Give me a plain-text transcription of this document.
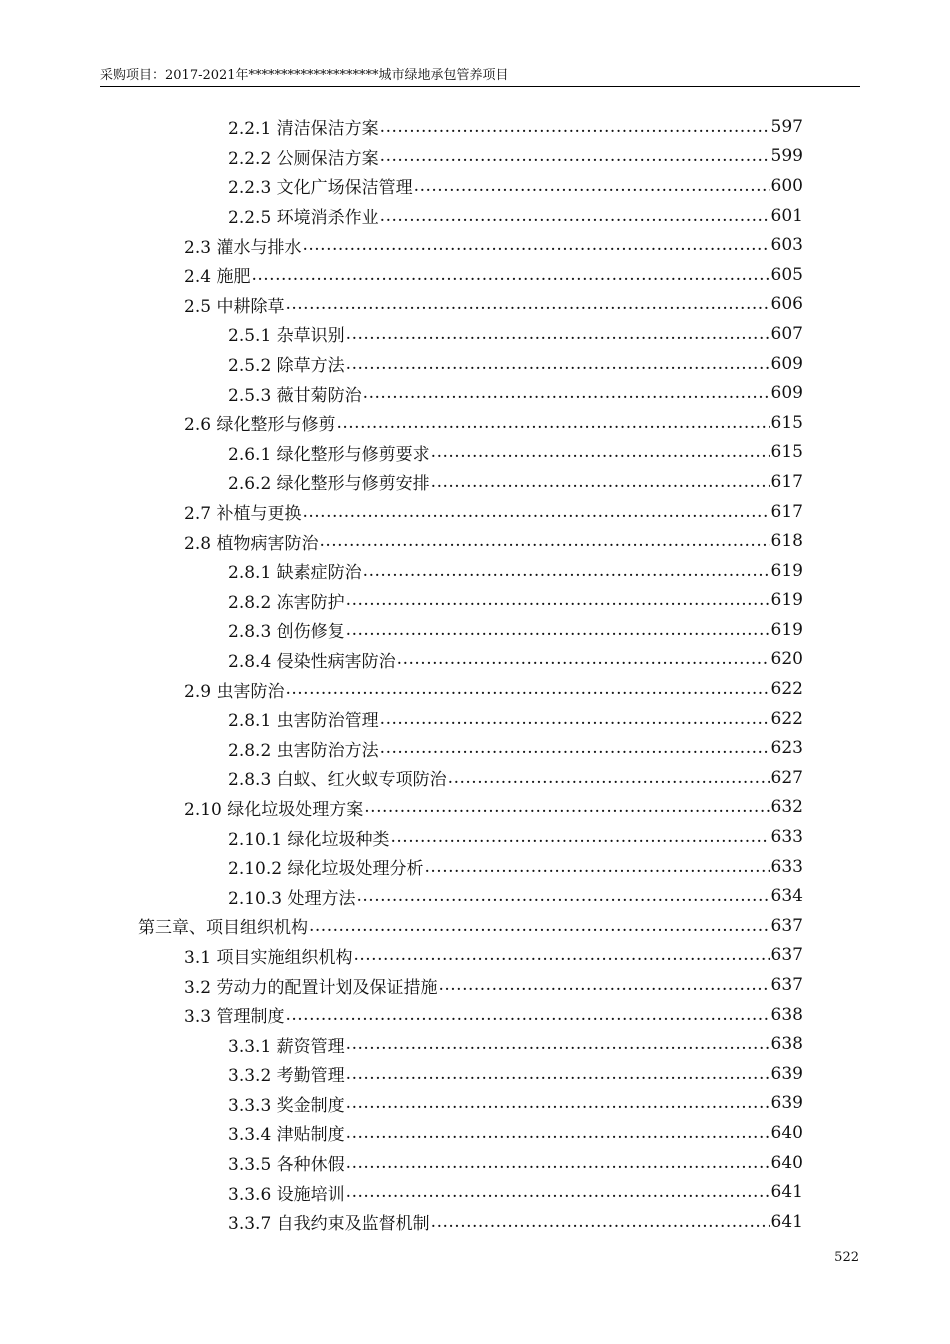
采购项目：2017-2021年********************城市绿地承包管养项目
2.2.1 清洁保洁方案 .....	597
2.2.2 公厕保洁方案 .....	599
2.2.3 文化广场保洁管理 .....	600
2.2.5 环境消杀作业 .....	601
2.3 灌水与排水 .....	603
2.4 施肥 .....	605
2.5 中耕除草 .....	606
2.5.1 杂草识别 .....	607
2.5.2 除草方法 .....	609
2.5.3 薇甘菊防治 .....	609
2.6 绿化整形与修剪 .....	615
2.6.1 绿化整形与修剪要求 .....	615
2.6.2 绿化整形与修剪安排 .....	617
2.7 补植与更换 .....	617
2.8 植物病害防治 .....	618
2.8.1 缺素症防治 .....	619
2.8.2 冻害防护 .....	619
2.8.3 创伤修复 .....	619
2.8.4 侵染性病害防治 .....	620
2.9 虫害防治 .....	622
2.8.1 虫害防治管理 .....	622
2.8.2 虫害防治方法 .....	623
2.8.3 白蚁、红火蚁专项防治 .....	627
2.10 绿化垃圾处理方案 .....	632
2.10.1 绿化垃圾种类 .....	633
2.10.2 绿化垃圾处理分析 .....	633
2.10.3 处理方法 .....	634
第三章、项目组织机构 .....	637
3.1 项目实施组织机构 .....	637
3.2 劳动力的配置计划及保证措施 .....	637
3.3 管理制度 .....	638
3.3.1 薪资管理 .....	638
3.3.2 考勤管理 .....	639
3.3.3 奖金制度 .....	639
3.3.4 津贴制度 .....	640
3.3.5 各种休假 .....	640
3.3.6 设施培训 .....	641
3.3.7 自我约束及监督机制 .....	641
522
